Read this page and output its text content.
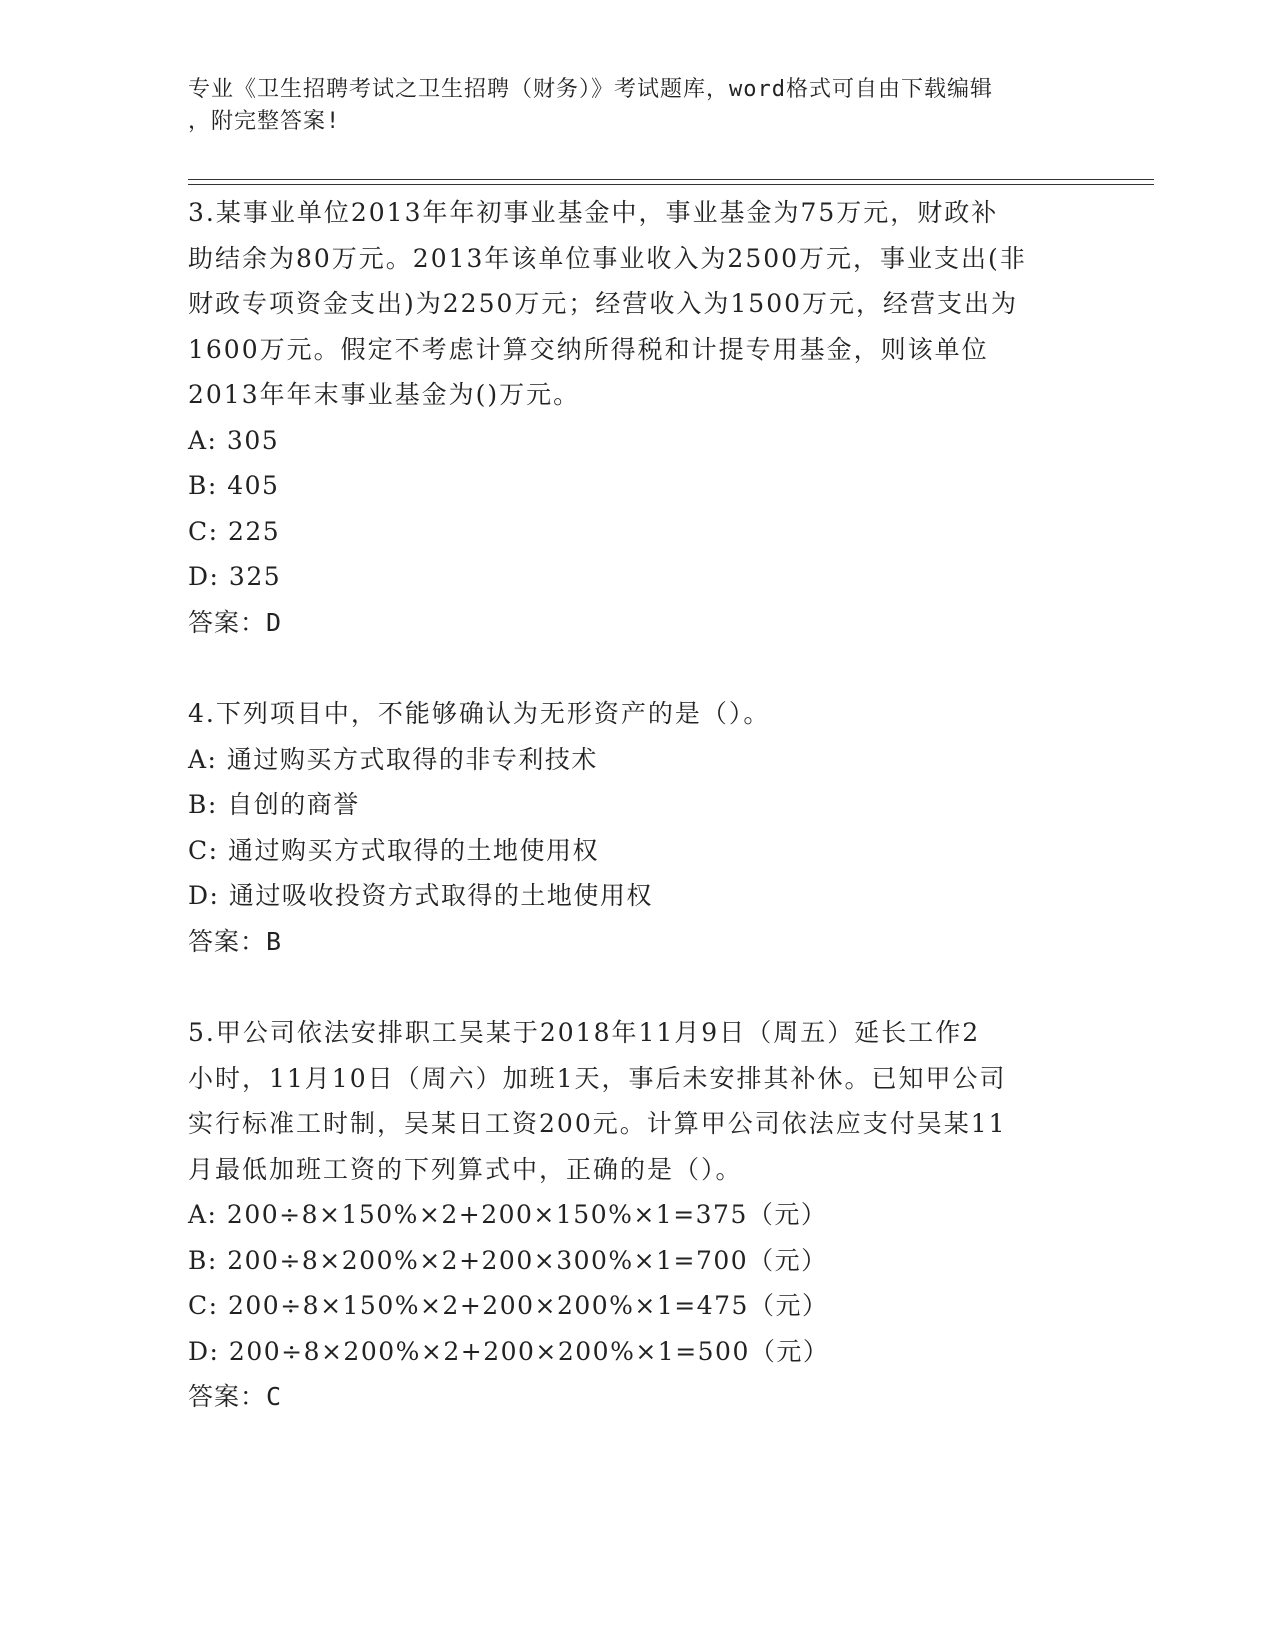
专业《卫生招聘考试之卫生招聘（财务）》考试题库，word格式可自由下载编辑
，附完整答案!
3.某事业单位2013年年初事业基金中，事业基金为75万元，财政补
助结余为80万元。2013年该单位事业收入为2500万元，事业支出(非
财政专项资金支出)为2250万元；经营收入为1500万元，经营支出为
1600万元。假定不考虑计算交纳所得税和计提专用基金，则该单位
2013年年末事业基金为()万元。
A: 305
B: 405
C: 225
D: 325
答案：D
4.下列项目中，不能够确认为无形资产的是（）。
A: 通过购买方式取得的非专利技术
B: 自创的商誉
C: 通过购买方式取得的土地使用权
D: 通过吸收投资方式取得的土地使用权
答案：B
5.甲公司依法安排职工吴某于2018年11月9日（周五）延长工作2
小时，11月10日（周六）加班1天，事后未安排其补休。已知甲公司
实行标准工时制，吴某日工资200元。计算甲公司依法应支付吴某11
月最低加班工资的下列算式中，正确的是（）。
A: 200÷8×150%×2+200×150%×1=375（元）
B: 200÷8×200%×2+200×300%×1=700（元）
C: 200÷8×150%×2+200×200%×1=475（元）
D: 200÷8×200%×2+200×200%×1=500（元）
答案：C
